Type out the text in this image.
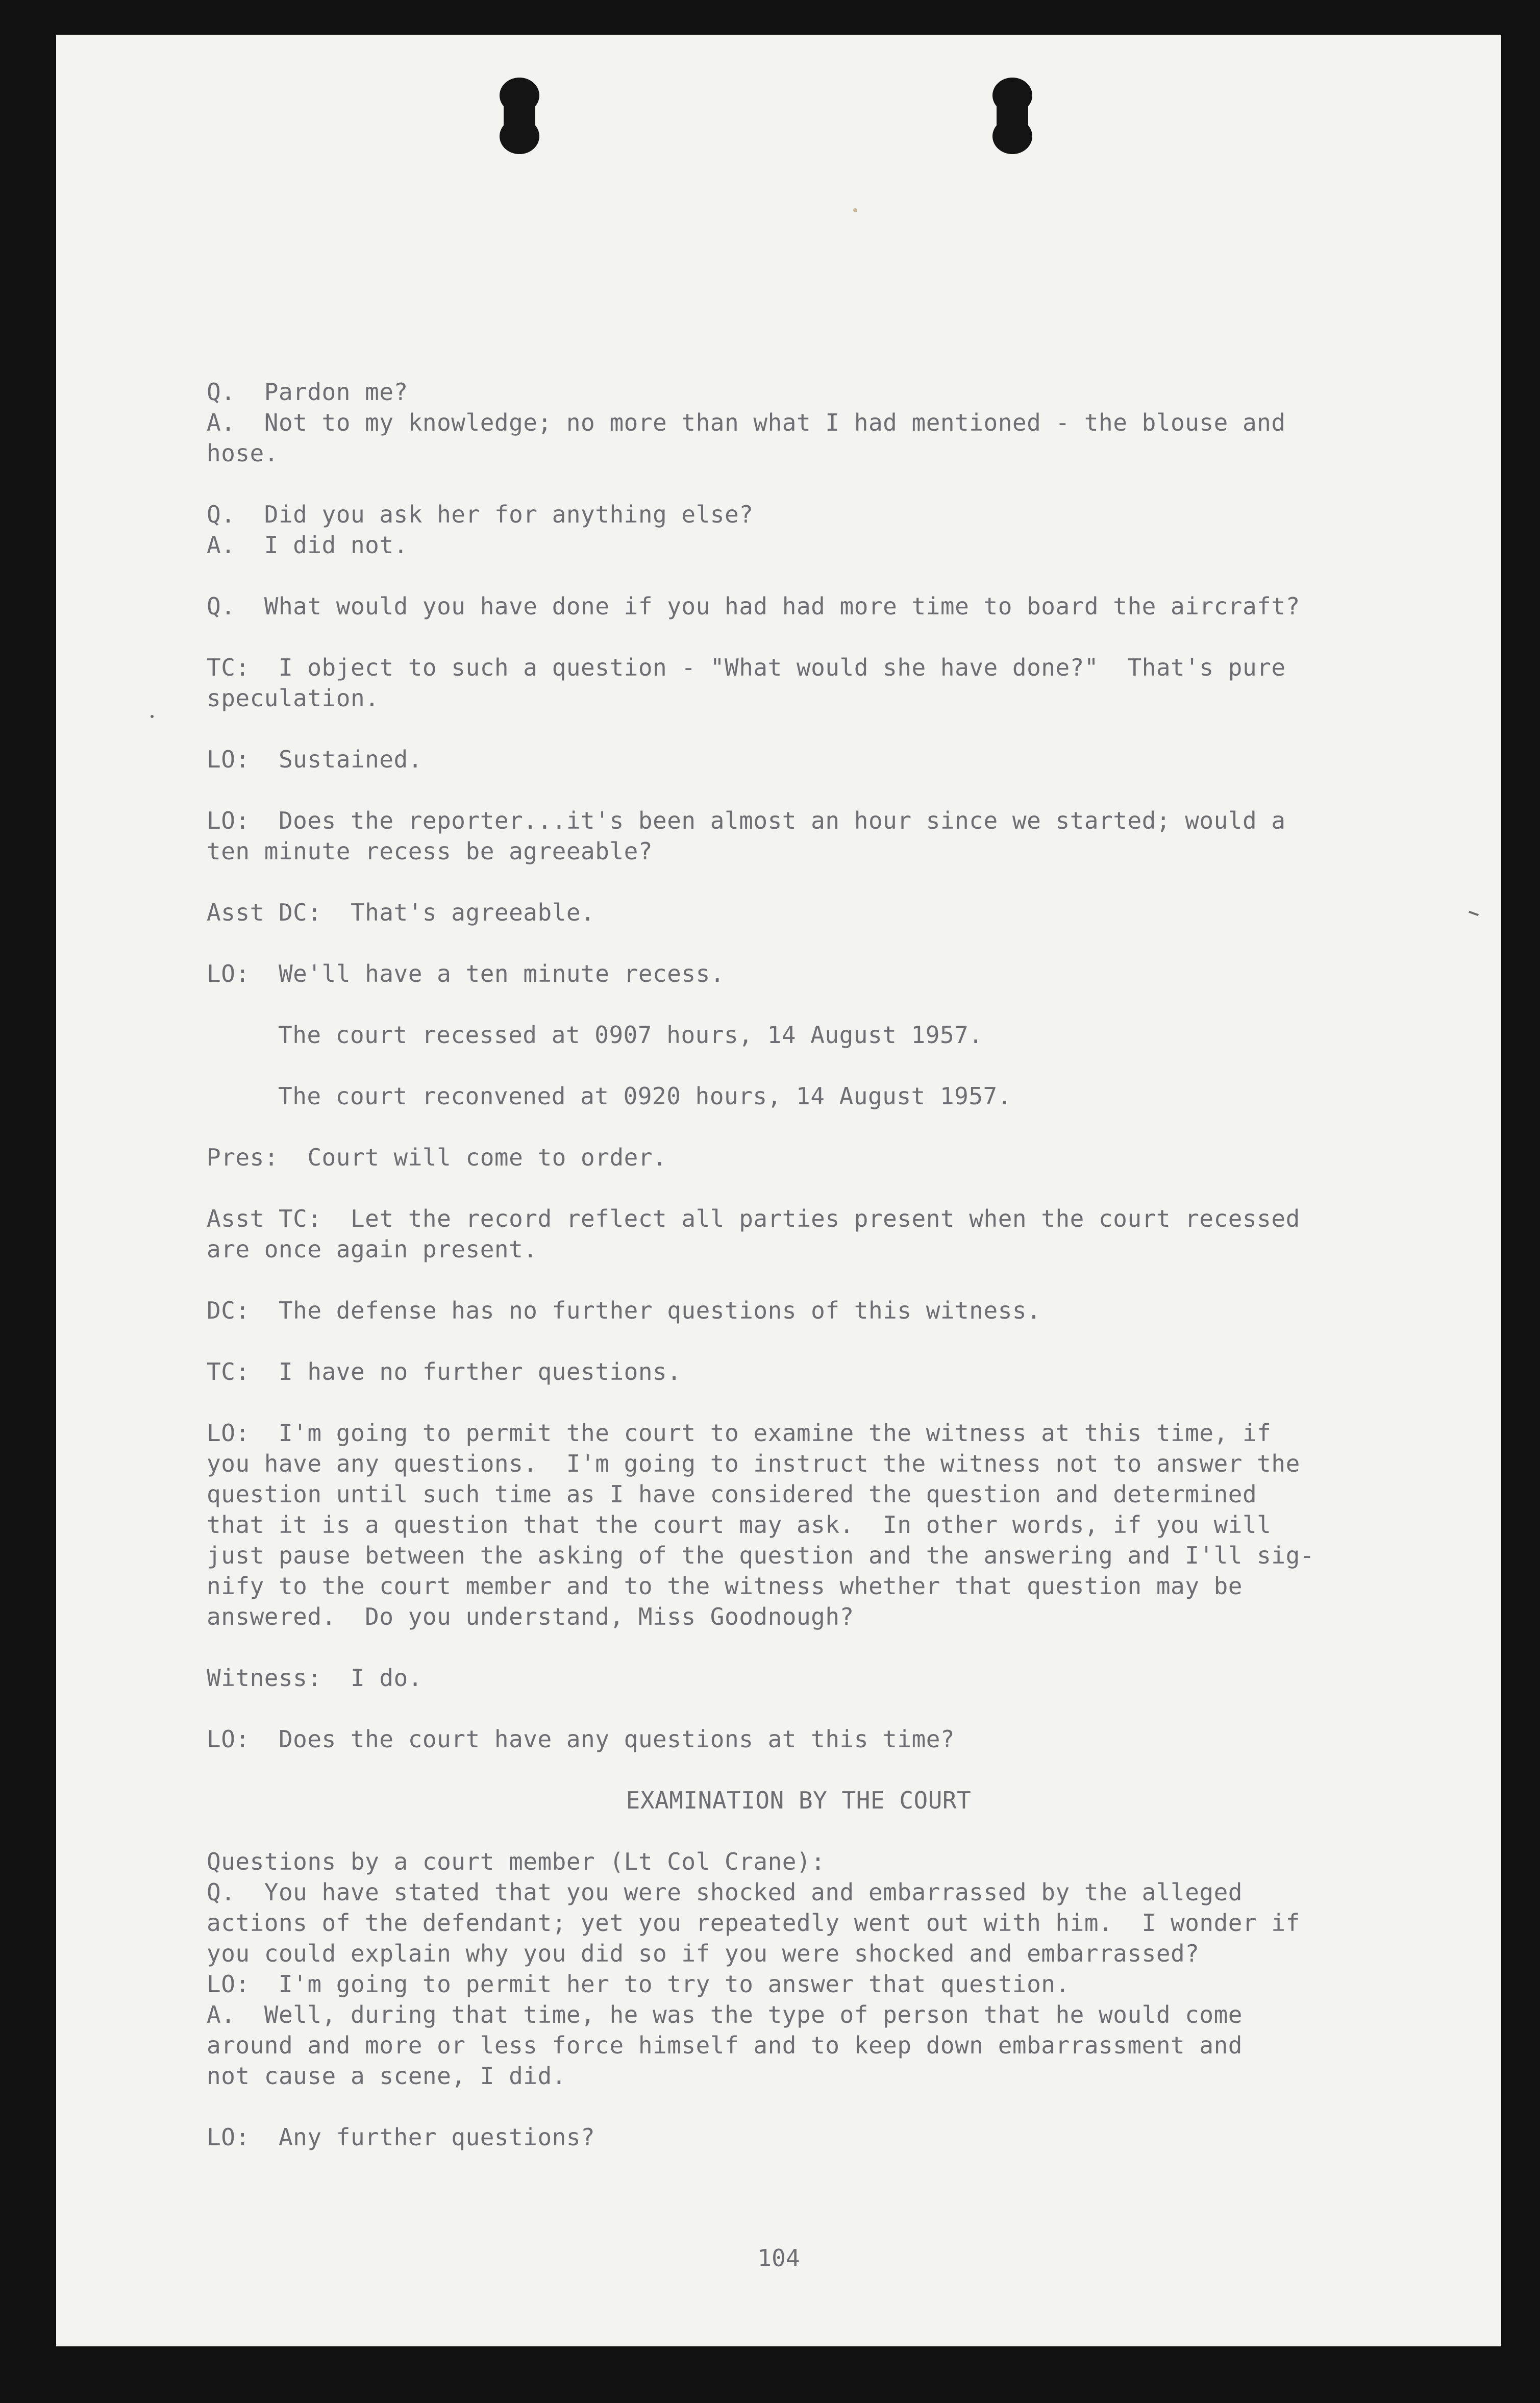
Q.  Pardon me?
A.  Not to my knowledge; no more than what I had mentioned - the blouse and
hose.
Q.  Did you ask her for anything else?
A.  I did not.
Q.  What would you have done if you had had more time to board the aircraft?
TC:  I object to such a question - "What would she have done?"  That's pure
speculation.
LO:  Sustained.
LO:  Does the reporter...it's been almost an hour since we started; would a
ten minute recess be agreeable?
Asst DC:  That's agreeable.
LO:  We'll have a ten minute recess.
The court recessed at 0907 hours, 14 August 1957.
The court reconvened at 0920 hours, 14 August 1957.
Pres:  Court will come to order.
Asst TC:  Let the record reflect all parties present when the court recessed
are once again present.
DC:  The defense has no further questions of this witness.
TC:  I have no further questions.
LO:  I'm going to permit the court to examine the witness at this time, if
you have any questions.  I'm going to instruct the witness not to answer the
question until such time as I have considered the question and determined
that it is a question that the court may ask.  In other words, if you will
just pause between the asking of the question and the answering and I'll sig-
nify to the court member and to the witness whether that question may be
answered.  Do you understand, Miss Goodnough?
Witness:  I do.
LO:  Does the court have any questions at this time?
EXAMINATION BY THE COURT
Questions by a court member (Lt Col Crane):
Q.  You have stated that you were shocked and embarrassed by the alleged
actions of the defendant; yet you repeatedly went out with him.  I wonder if
you could explain why you did so if you were shocked and embarrassed?
LO:  I'm going to permit her to try to answer that question.
A.  Well, during that time, he was the type of person that he would come
around and more or less force himself and to keep down embarrassment and
not cause a scene, I did.
LO:  Any further questions?
104
